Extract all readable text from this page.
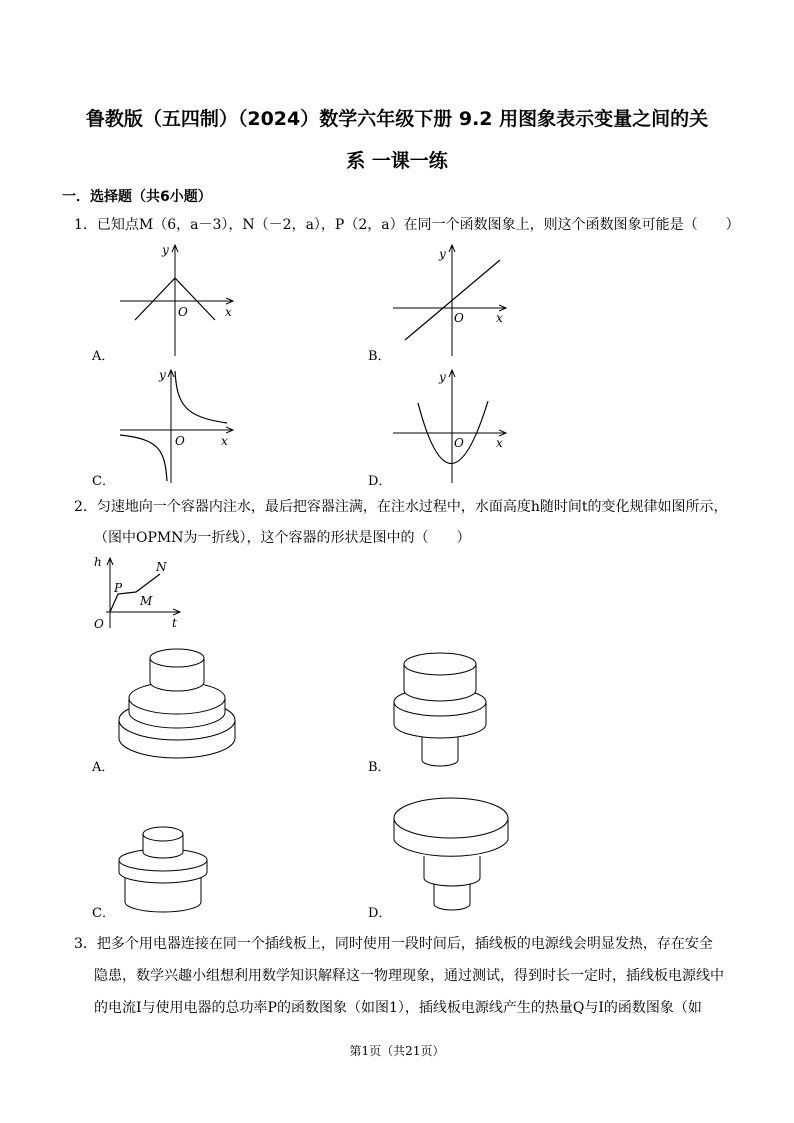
鲁教版（五四制）（2024）数学六年级下册 9.2 用图象表示变量之间的关
系 一课一练
一．选择题（共6小题）
1．已知点M（6，a－3），N（－2，a），P（2，a）在同一个函数图象上，则这个函数图象可能是（　　）
y
x
O
A．
y
x
O
B．
y
x
O
C．
y
x
O
D．
2．匀速地向一个容器内注水，最后把容器注满，在注水过程中，水面高度h随时间t的变化规律如图所示，
（图中OPMN为一折线），这个容器的形状是图中的（　　）
h
t
O
P
M
N
A．	B．
C．	D．
3．把多个用电器连接在同一个插线板上，同时使用一段时间后，插线板的电源线会明显发热，存在安全
隐患，数学兴趣小组想利用数学知识解释这一物理现象，通过测试，得到时长一定时，插线板电源线中
的电流I与使用电器的总功率P的函数图象（如图1），插线板电源线产生的热量Q与I的函数图象（如
第1页（共21页）
